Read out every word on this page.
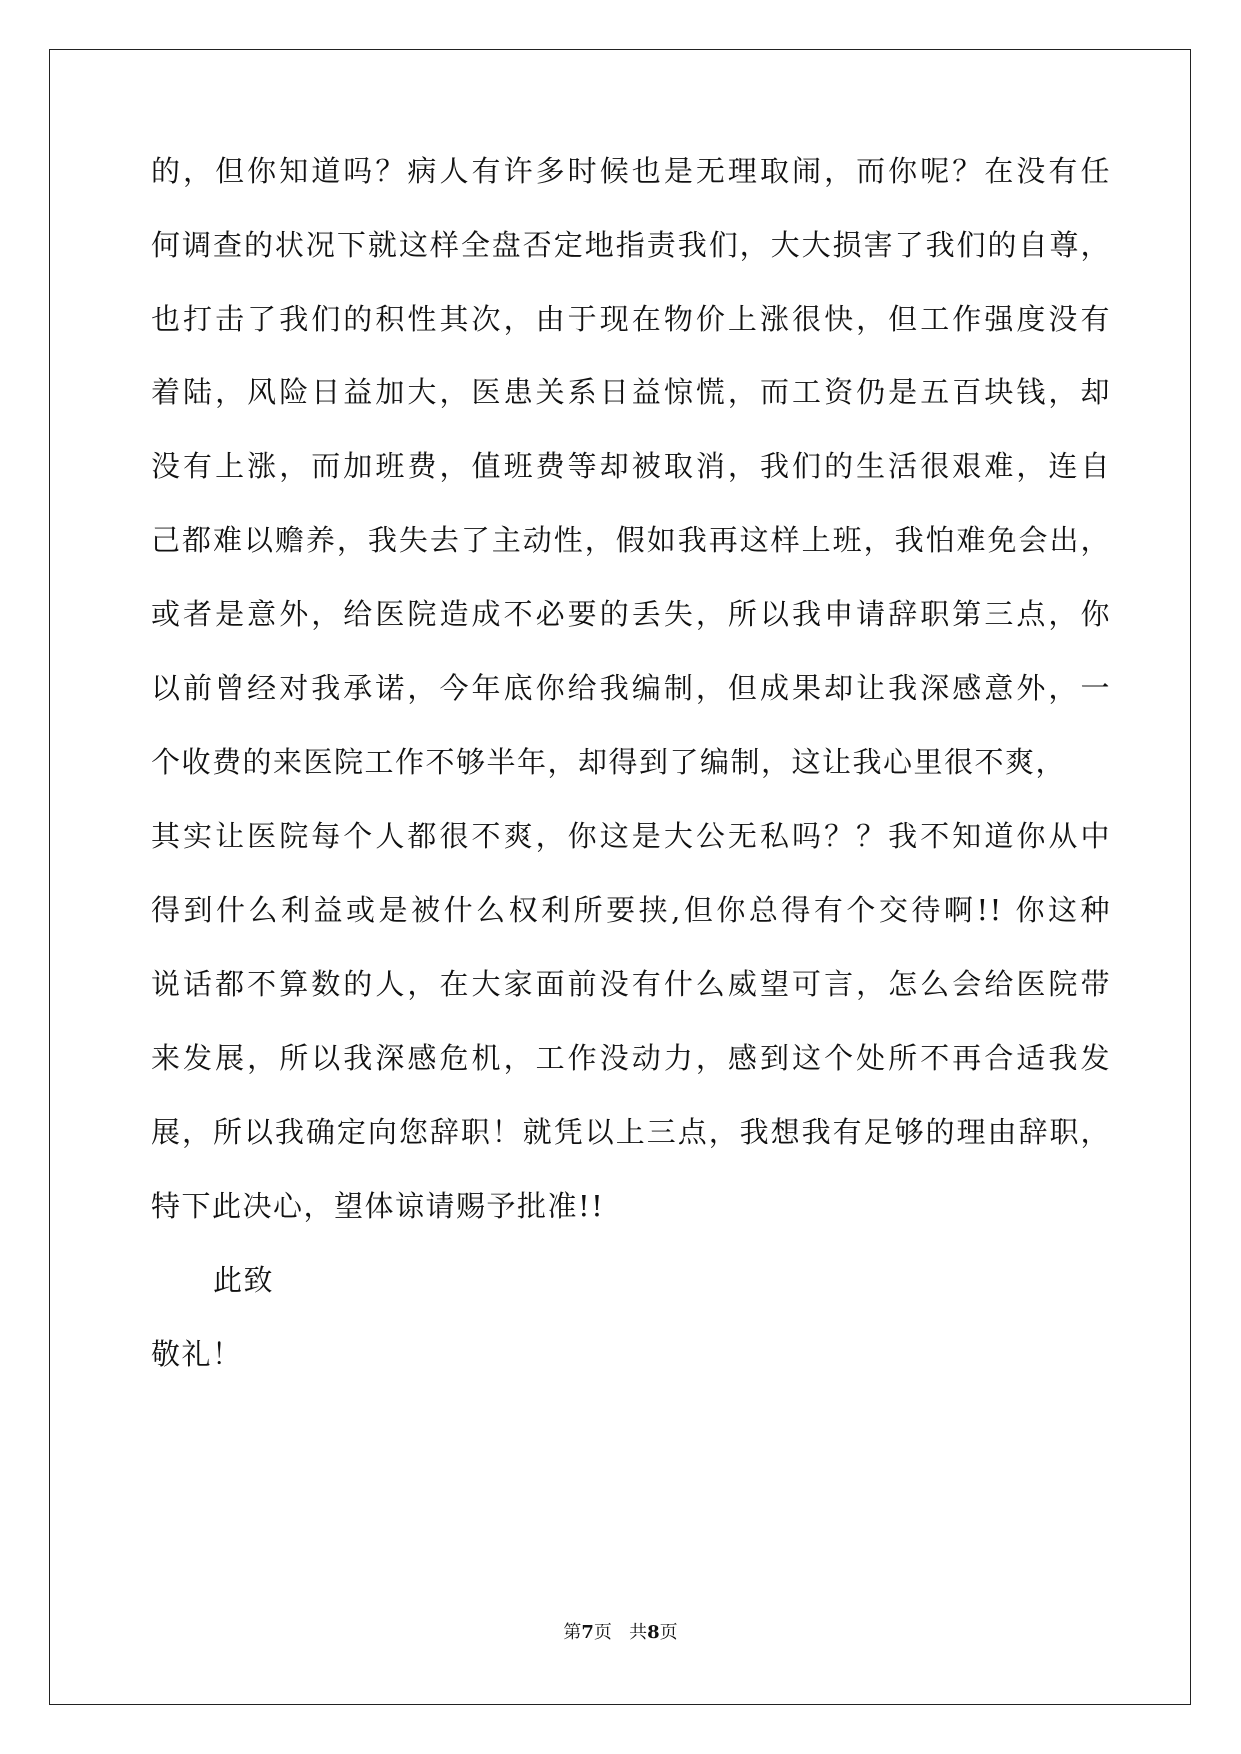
的，但你知道吗？病人有许多时候也是无理取闹，而你呢？在没有任
何调查的状况下就这样全盘否定地指责我们，大大损害了我们的自尊，
也打击了我们的积性其次，由于现在物价上涨很快，但工作强度没有
着陆，风险日益加大，医患关系日益惊慌，而工资仍是五百块钱，却
没有上涨，而加班费，值班费等却被取消，我们的生活很艰难，连自
己都难以赡养，我失去了主动性，假如我再这样上班，我怕难免会出，
或者是意外，给医院造成不必要的丢失，所以我申请辞职第三点，你
以前曾经对我承诺，今年底你给我编制，但成果却让我深感意外，一
个收费的来医院工作不够半年，却得到了编制，这让我心里很不爽，
其实让医院每个人都很不爽，你这是大公无私吗？？我不知道你从中
得到什么利益或是被什么权利所要挟,但你总得有个交待啊!! 你这种
说话都不算数的人，在大家面前没有什么威望可言，怎么会给医院带
来发展，所以我深感危机，工作没动力，感到这个处所不再合适我发
展，所以我确定向您辞职！就凭以上三点，我想我有足够的理由辞职，
特下此决心，望体谅请赐予批准!!
此致
敬礼！
第7页 共8页
